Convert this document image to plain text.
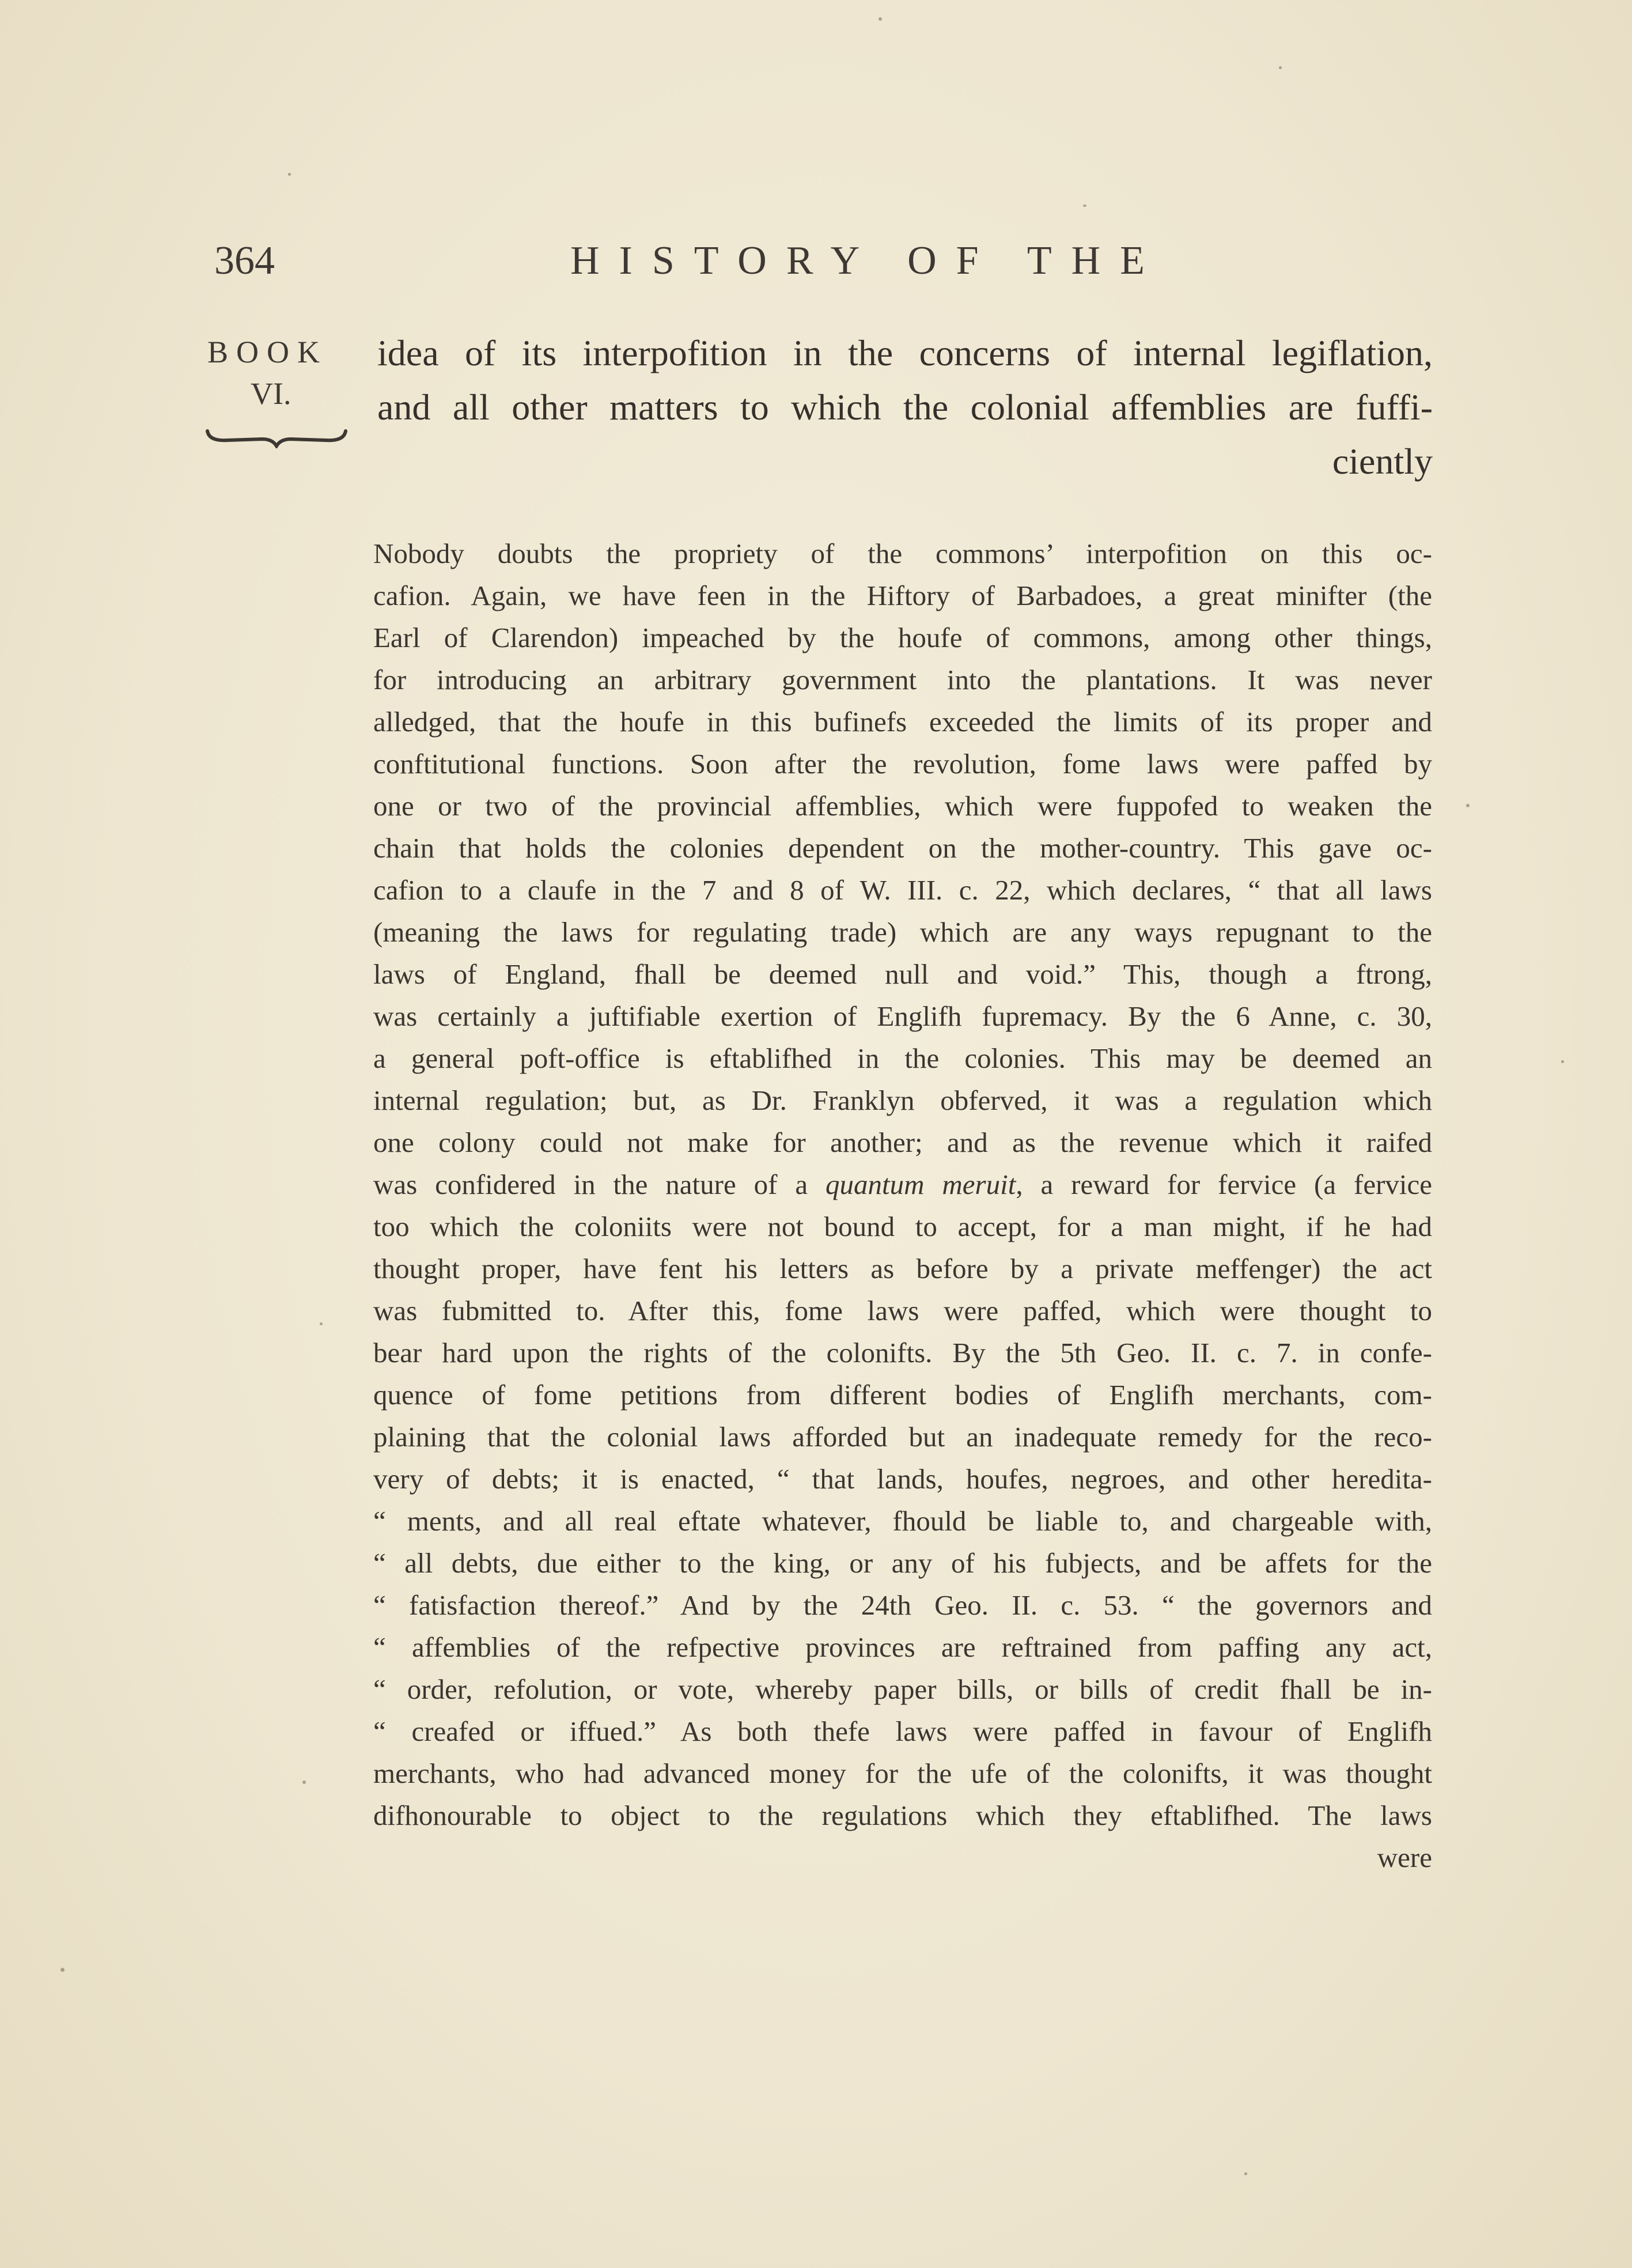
364	HISTORY OF THE
BOOK
VI.
idea of its interpofition in the concerns of internal legiflation,
and all other matters to which the colonial affemblies are fuffi-
ciently
Nobody doubts the propriety of the commons’ interpofition on this oc-
cafion. Again, we have feen in the Hiftory of Barbadoes, a great minifter (the
Earl of Clarendon) impeached by the houfe of commons, among other things,
for introducing an arbitrary government into the plantations. It was never
alledged, that the houfe in this bufinefs exceeded the limits of its proper and
conftitutional functions. Soon after the revolution, fome laws were paffed by
one or two of the provincial affemblies, which were fuppofed to weaken the
chain that holds the colonies dependent on the mother-country. This gave oc-
cafion to a claufe in the 7 and 8 of W. III. c. 22, which declares, “ that all laws
(meaning the laws for regulating trade) which are any ways repugnant to the
laws of England, fhall be deemed null and void.” This, though a ftrong,
was certainly a juftifiable exertion of Englifh fupremacy. By the 6 Anne, c. 30,
a general poft-office is eftablifhed in the colonies. This may be deemed an
internal regulation; but, as Dr. Franklyn obferved, it was a regulation which
one colony could not make for another; and as the revenue which it raifed
was confidered in the nature of a quantum meruit, a reward for fervice (a fervice
too which the coloniits were not bound to accept, for a man might, if he had
thought proper, have fent his letters as before by a private meffenger) the act
was fubmitted to. After this, fome laws were paffed, which were thought to
bear hard upon the rights of the colonifts. By the 5th Geo. II. c. 7. in confe-
quence of fome petitions from different bodies of Englifh merchants, com-
plaining that the colonial laws afforded but an inadequate remedy for the reco-
very of debts; it is enacted, “ that lands, houfes, negroes, and other heredita-
“ ments, and all real eftate whatever, fhould be liable to, and chargeable with,
“ all debts, due either to the king, or any of his fubjects, and be affets for the
“ fatisfaction thereof.” And by the 24th Geo. II. c. 53. “ the governors and
“ affemblies of the refpective provinces are reftrained from paffing any act,
“ order, refolution, or vote, whereby paper bills, or bills of credit fhall be in-
“ creafed or iffued.” As both thefe laws were paffed in favour of Englifh
merchants, who had advanced money for the ufe of the colonifts, it was thought
difhonourable to object to the regulations which they eftablifhed. The laws
were
